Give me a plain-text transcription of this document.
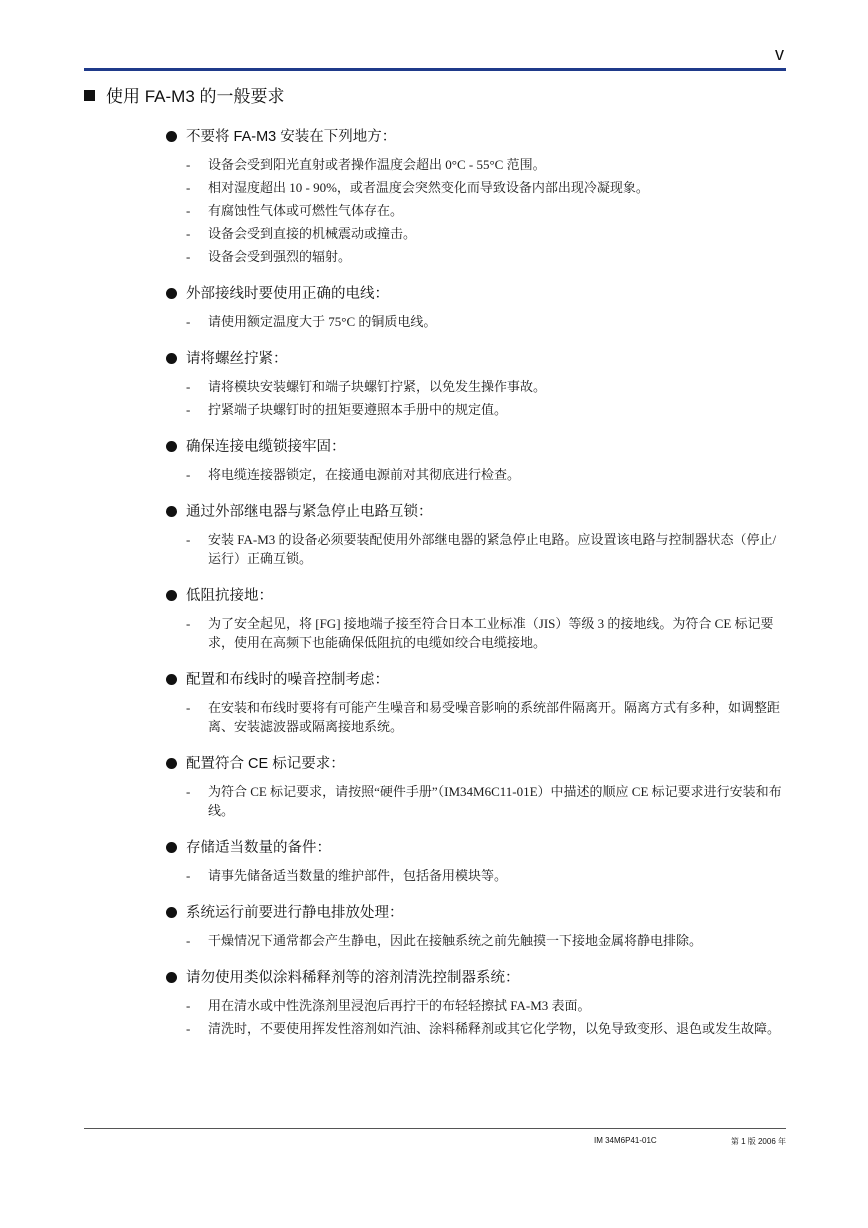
v
使用 FA-M3 的一般要求
不要将 FA-M3 安装在下列地方：
- 设备会受到阳光直射或者操作温度会超出 0°C - 55°C 范围。
- 相对湿度超出 10 - 90%，或者温度会突然变化而导致设备内部出现冷凝现象。
- 有腐蚀性气体或可燃性气体存在。
- 设备会受到直接的机械震动或撞击。
- 设备会受到强烈的辐射。
外部接线时要使用正确的电线：
- 请使用额定温度大于 75°C 的铜质电线。
请将螺丝拧紧：
- 请将模块安装螺钉和端子块螺钉拧紧，以免发生操作事故。
- 拧紧端子块螺钉时的扭矩要遵照本手册中的规定值。
确保连接电缆锁接牢固：
- 将电缆连接器锁定，在接通电源前对其彻底进行检查。
通过外部继电器与紧急停止电路互锁：
- 安装 FA-M3 的设备必须要装配使用外部继电器的紧急停止电路。应设置该电路与控制器状态（停止/运行）正确互锁。
低阻抗接地：
- 为了安全起见，将 [FG] 接地端子接至符合日本工业标准（JIS）等级 3 的接地线。为符合 CE 标记要求，使用在高频下也能确保低阻抗的电缆如绞合电缆接地。
配置和布线时的噪音控制考虑：
- 在安装和布线时要将有可能产生噪音和易受噪音影响的系统部件隔离开。隔离方式有多种，如调整距离、安装滤波器或隔离接地系统。
配置符合 CE 标记要求：
- 为符合 CE 标记要求，请按照“硬件手册”（IM34M6C11-01E）中描述的顺应 CE 标记要求进行安装和布线。
存储适当数量的备件：
- 请事先储备适当数量的维护部件，包括备用模块等。
系统运行前要进行静电排放处理：
- 干燥情况下通常都会产生静电，因此在接触系统之前先触摸一下接地金属将静电排除。
请勿使用类似涂料稀释剂等的溶剂清洗控制器系统：
- 用在清水或中性洗涤剂里浸泡后再拧干的布轻轻擦拭 FA-M3 表面。
- 清洗时，不要使用挥发性溶剂如汽油、涂料稀释剂或其它化学物，以免导致变形、退色或发生故障。
IM 34M6P41-01C	第 1 版 2006 年
